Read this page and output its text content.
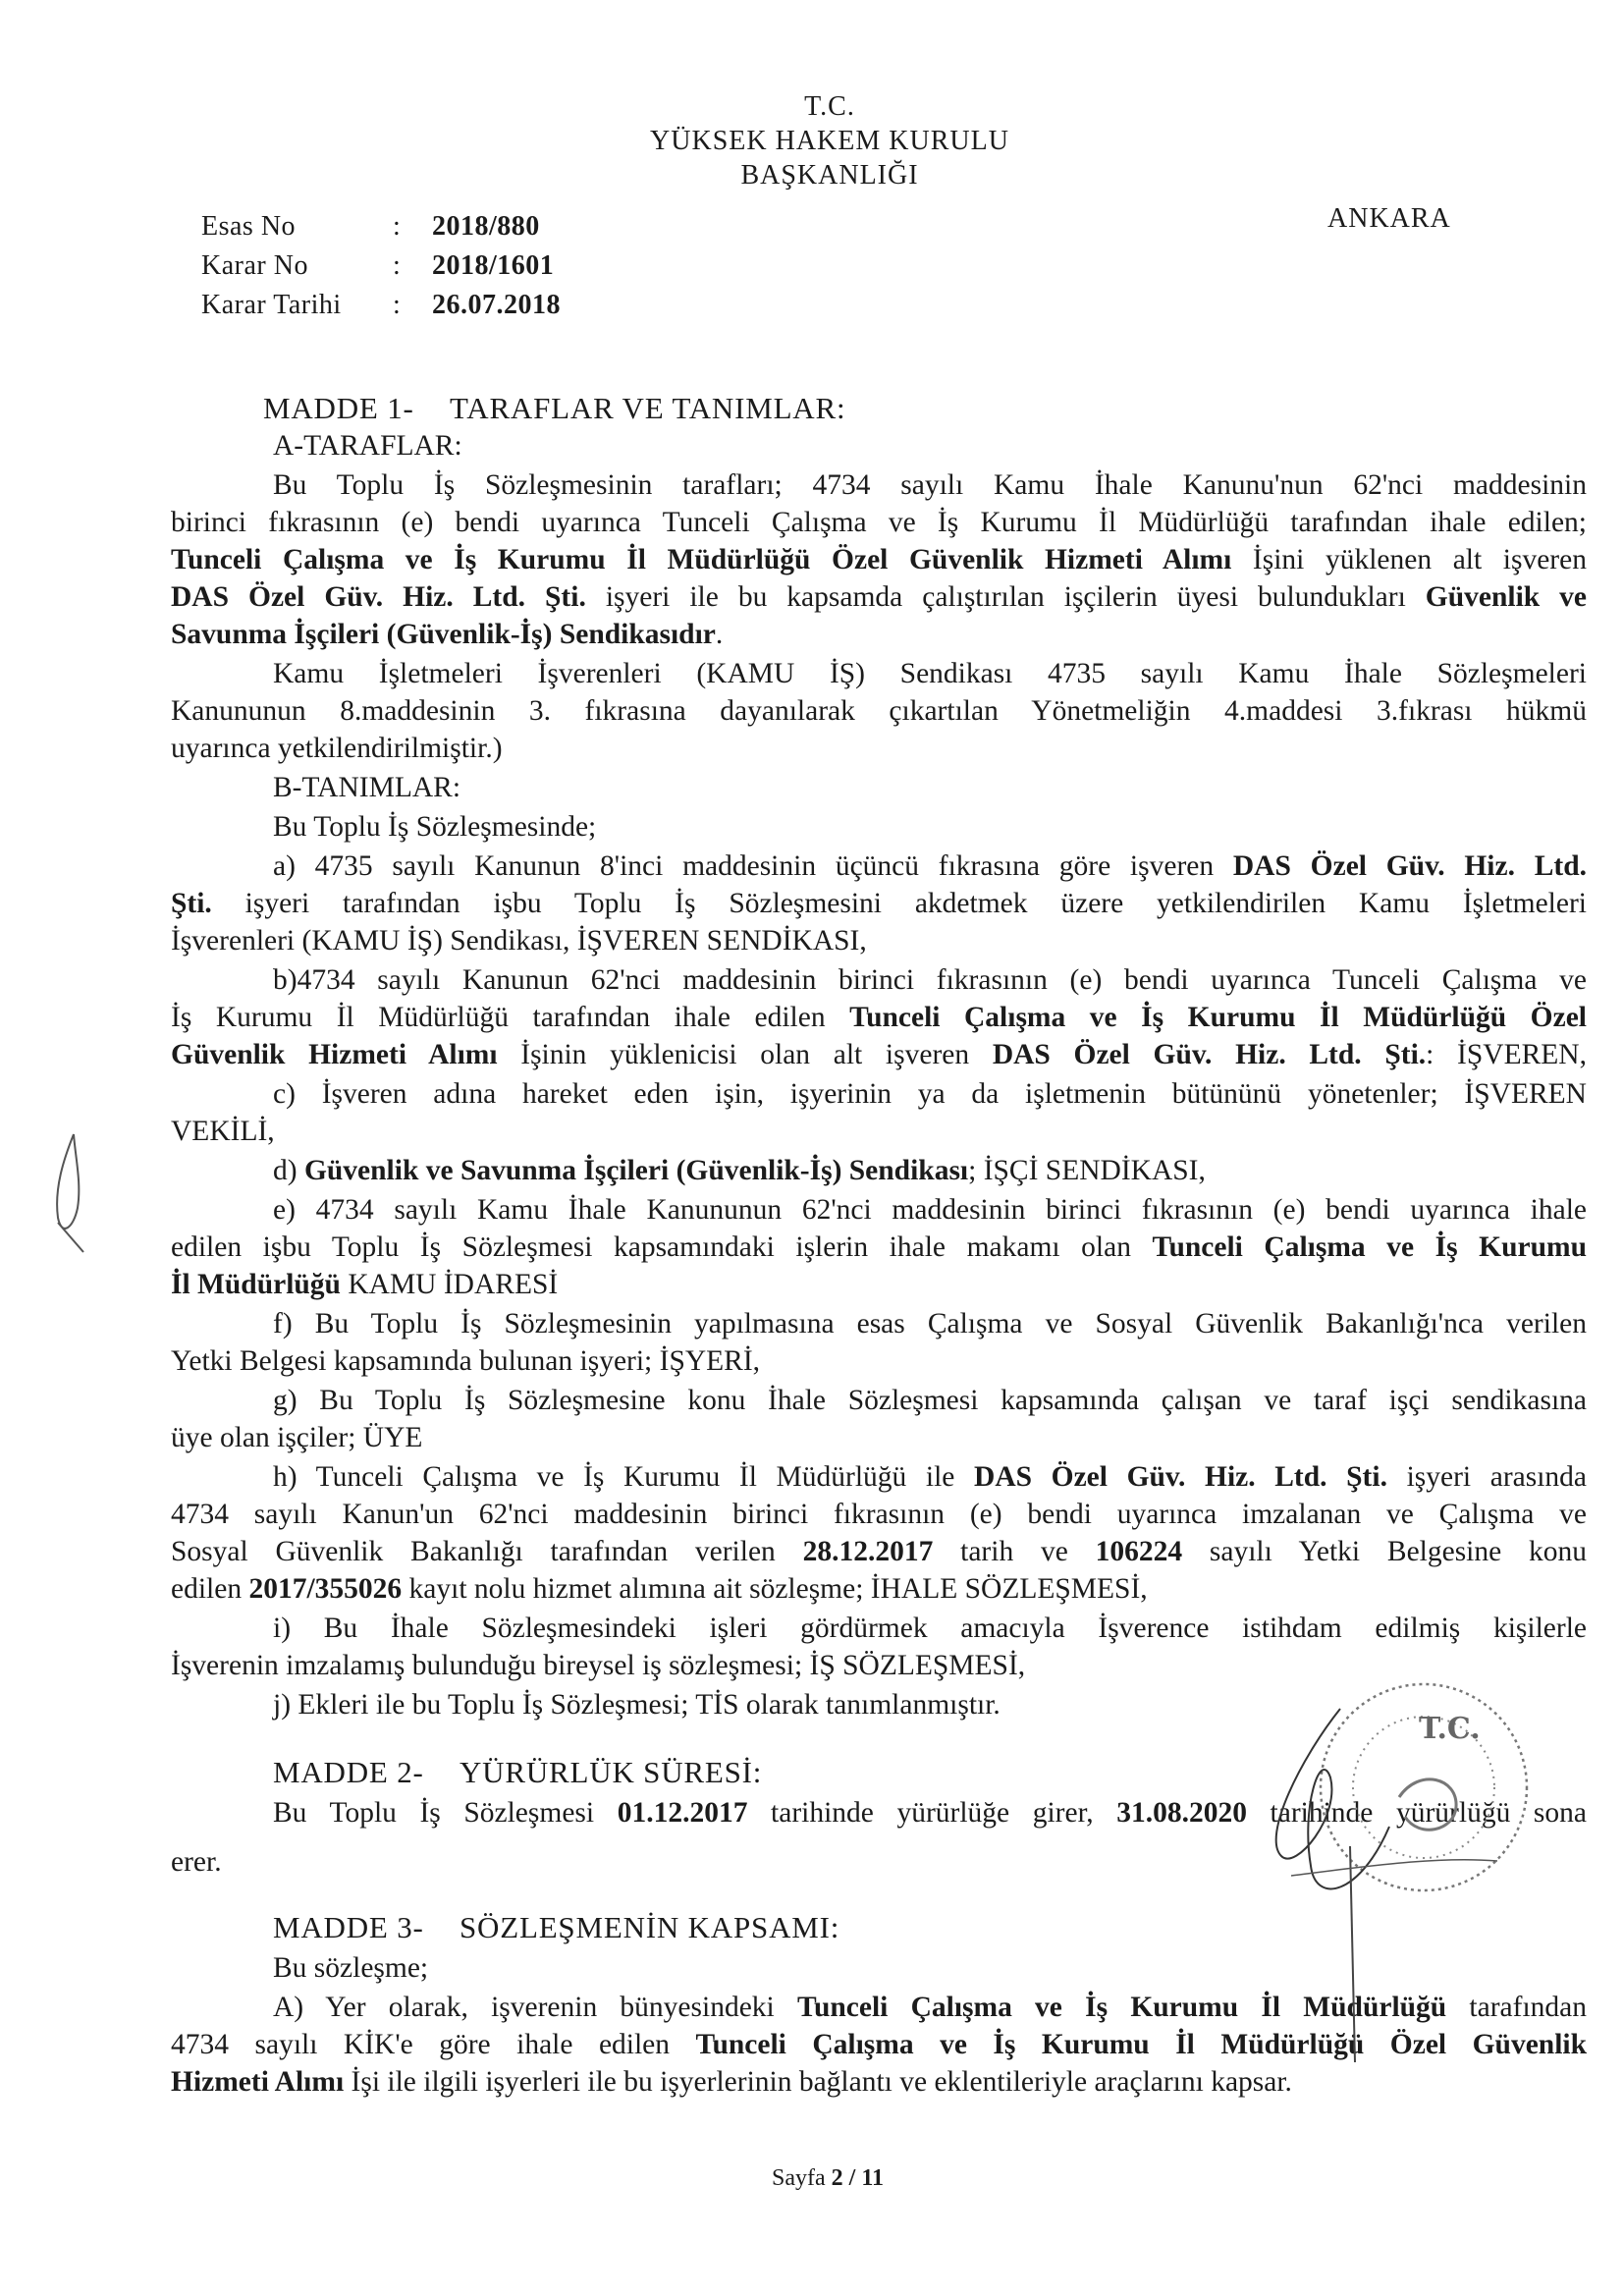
T.C.
YÜKSEK HAKEM KURULU
BAŞKANLIĞI
ANKARA
Esas No	: 2018/880
Karar No	: 2018/1601
Karar Tarihi : 26.07.2018
MADDE 1- TARAFLAR VE TANIMLAR:
A-TARAFLAR:
Bu Toplu İş Sözleşmesinin tarafları; 4734 sayılı Kamu İhale Kanunu'nun 62'nci maddesinin
birinci fıkrasının (e) bendi uyarınca Tunceli Çalışma ve İş Kurumu İl Müdürlüğü tarafından ihale edilen;
Tunceli Çalışma ve İş Kurumu İl Müdürlüğü Özel Güvenlik Hizmeti Alımı İşini yüklenen alt işveren
DAS Özel Güv. Hiz. Ltd. Şti. işyeri ile bu kapsamda çalıştırılan işçilerin üyesi bulundukları Güvenlik ve
Savunma İşçileri (Güvenlik-İş) Sendikasıdır.
Kamu İşletmeleri İşverenleri (KAMU İŞ) Sendikası 4735 sayılı Kamu İhale Sözleşmeleri
Kanununun 8.maddesinin 3. fıkrasına dayanılarak çıkartılan Yönetmeliğin 4.maddesi 3.fıkrası hükmü
uyarınca yetkilendirilmiştir.)
B-TANIMLAR:
Bu Toplu İş Sözleşmesinde;
a) 4735 sayılı Kanunun 8'inci maddesinin üçüncü fıkrasına göre işveren DAS Özel Güv. Hiz. Ltd.
Şti. işyeri tarafından işbu Toplu İş Sözleşmesini akdetmek üzere yetkilendirilen Kamu İşletmeleri
İşverenleri (KAMU İŞ) Sendikası, İŞVEREN SENDİKASI,
b)4734 sayılı Kanunun 62'nci maddesinin birinci fıkrasının (e) bendi uyarınca Tunceli Çalışma ve
İş Kurumu İl Müdürlüğü tarafından ihale edilen Tunceli Çalışma ve İş Kurumu İl Müdürlüğü Özel
Güvenlik Hizmeti Alımı İşinin yüklenicisi olan alt işveren DAS Özel Güv. Hiz. Ltd. Şti.: İŞVEREN,
c) İşveren adına hareket eden işin, işyerinin ya da işletmenin bütününü yönetenler; İŞVEREN
VEKİLİ,
d) Güvenlik ve Savunma İşçileri (Güvenlik-İş) Sendikası; İŞÇİ SENDİKASI,
e) 4734 sayılı Kamu İhale Kanununun 62'nci maddesinin birinci fıkrasının (e) bendi uyarınca ihale
edilen işbu Toplu İş Sözleşmesi kapsamındaki işlerin ihale makamı olan Tunceli Çalışma ve İş Kurumu
İl Müdürlüğü KAMU İDARESİ
f) Bu Toplu İş Sözleşmesinin yapılmasına esas Çalışma ve Sosyal Güvenlik Bakanlığı'nca verilen
Yetki Belgesi kapsamında bulunan işyeri; İŞYERİ,
g) Bu Toplu İş Sözleşmesine konu İhale Sözleşmesi kapsamında çalışan ve taraf işçi sendikasına
üye olan işçiler; ÜYE
h) Tunceli Çalışma ve İş Kurumu İl Müdürlüğü ile DAS Özel Güv. Hiz. Ltd. Şti. işyeri arasında
4734 sayılı Kanun'un 62'nci maddesinin birinci fıkrasının (e) bendi uyarınca imzalanan ve Çalışma ve
Sosyal Güvenlik Bakanlığı tarafından verilen 28.12.2017 tarih ve 106224 sayılı Yetki Belgesine konu
edilen 2017/355026 kayıt nolu hizmet alımına ait sözleşme; İHALE SÖZLEŞMESİ,
i) Bu İhale Sözleşmesindeki işleri gördürmek amacıyla İşverence istihdam edilmiş kişilerle
İşverenin imzalamış bulunduğu bireysel iş sözleşmesi; İŞ SÖZLEŞMESİ,
j) Ekleri ile bu Toplu İş Sözleşmesi; TİS olarak tanımlanmıştır.
MADDE 2- YÜRÜRLÜK SÜRESİ:
Bu Toplu İş Sözleşmesi 01.12.2017 tarihinde yürürlüğe girer, 31.08.2020 tarihinde yürürlüğü sona
erer.
MADDE 3- SÖZLEŞMENİN KAPSAMI:
Bu sözleşme;
A) Yer olarak, işverenin bünyesindeki Tunceli Çalışma ve İş Kurumu İl Müdürlüğü tarafından
4734 sayılı KİK'e göre ihale edilen Tunceli Çalışma ve İş Kurumu İl Müdürlüğü Özel Güvenlik
Hizmeti Alımı İşi ile ilgili işyerleri ile bu işyerlerinin bağlantı ve eklentileriyle araçlarını kapsar.
Sayfa 2 / 11
T.C.
